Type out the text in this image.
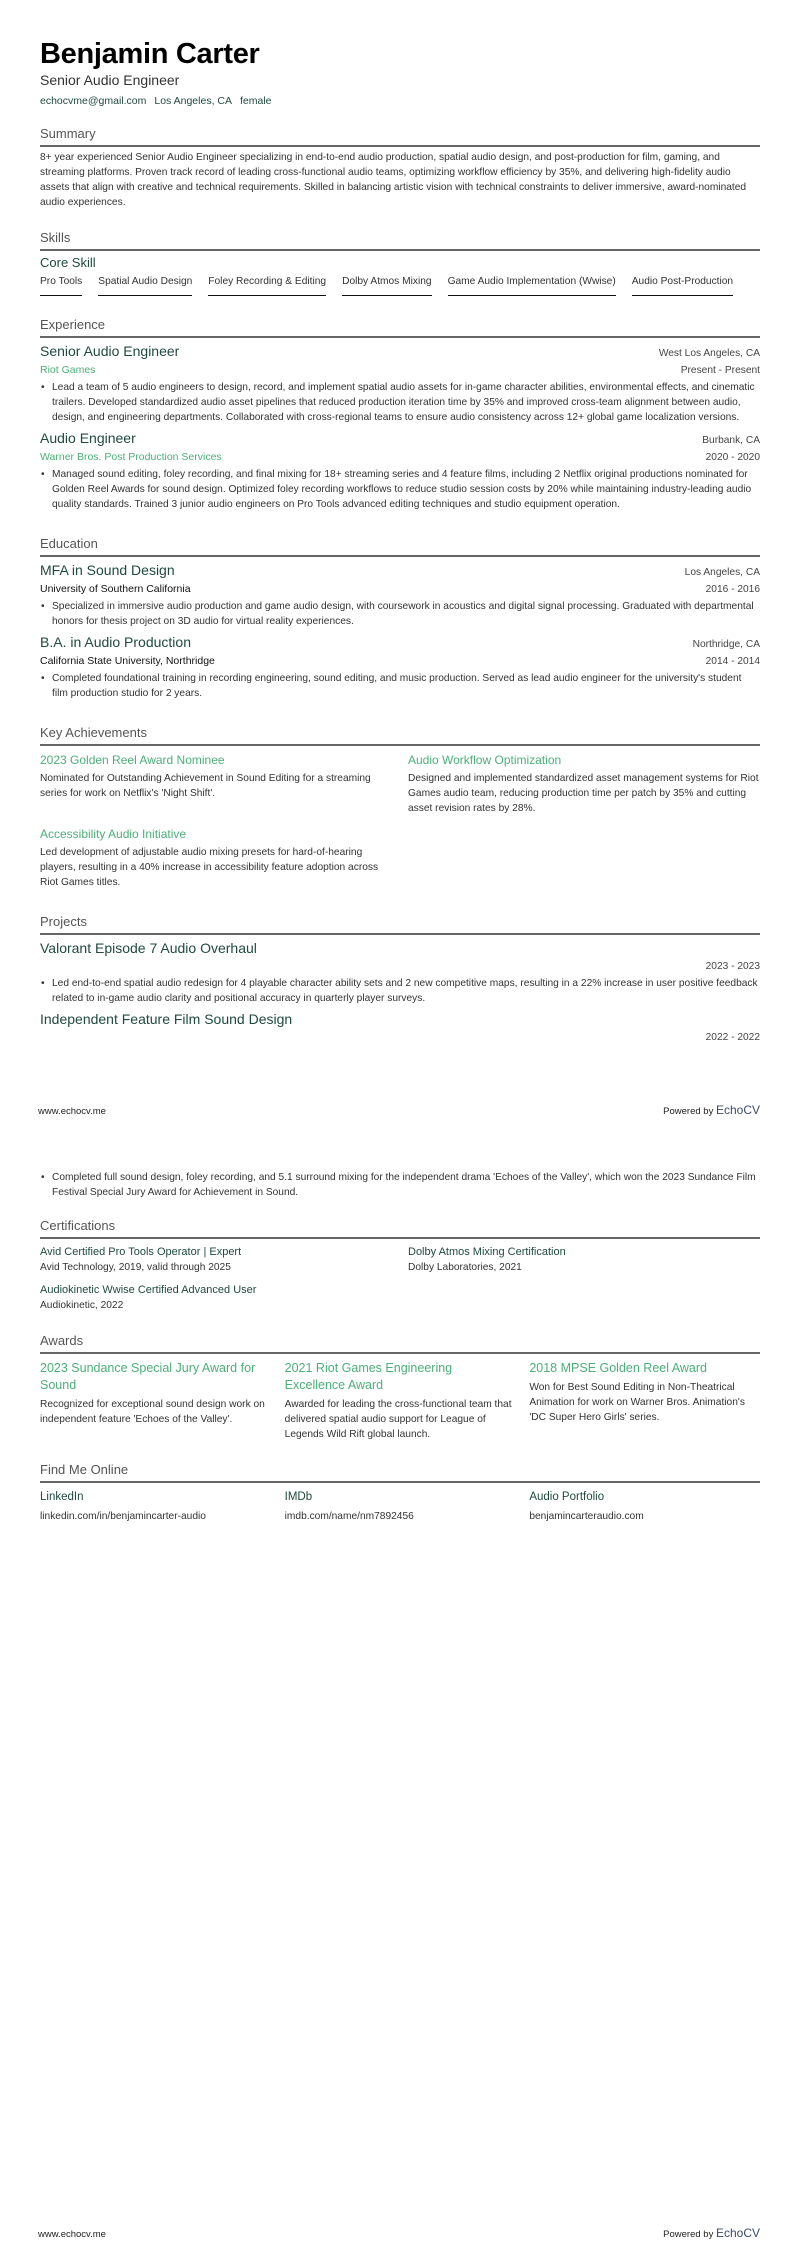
Benjamin Carter
Senior Audio Engineer
echocvme@gmail.com Los Angeles, CA female
Summary
8+ year experienced Senior Audio Engineer specializing in end-to-end audio production, spatial audio design, and post-production for film, gaming, and streaming platforms. Proven track record of leading cross-functional audio teams, optimizing workflow efficiency by 35%, and delivering high-fidelity audio assets that align with creative and technical requirements. Skilled in balancing artistic vision with technical constraints to deliver immersive, award-nominated audio experiences.
Skills
Core Skill
Pro Tools Spatial Audio Design Foley Recording & Editing Dolby Atmos Mixing Game Audio Implementation (Wwise) Audio Post-Production
Experience
Senior Audio Engineer	West Los Angeles, CA
Riot Games	Present - Present
• Lead a team of 5 audio engineers to design, record, and implement spatial audio assets for in-game character abilities, environmental effects, and cinematic trailers. Developed standardized audio asset pipelines that reduced production iteration time by 35% and improved cross-team alignment between audio, design, and engineering departments. Collaborated with cross-regional teams to ensure audio consistency across 12+ global game localization versions.
Audio Engineer	Burbank, CA
Warner Bros. Post Production Services	2020 - 2020
• Managed sound editing, foley recording, and final mixing for 18+ streaming series and 4 feature films, including 2 Netflix original productions nominated for Golden Reel Awards for sound design. Optimized foley recording workflows to reduce studio session costs by 20% while maintaining industry-leading audio quality standards. Trained 3 junior audio engineers on Pro Tools advanced editing techniques and studio equipment operation.
Education
MFA in Sound Design	Los Angeles, CA
University of Southern California	2016 - 2016
• Specialized in immersive audio production and game audio design, with coursework in acoustics and digital signal processing. Graduated with departmental honors for thesis project on 3D audio for virtual reality experiences.
B.A. in Audio Production	Northridge, CA
California State University, Northridge	2014 - 2014
• Completed foundational training in recording engineering, sound editing, and music production. Served as lead audio engineer for the university's student film production studio for 2 years.
Key Achievements
2023 Golden Reel Award Nominee
Nominated for Outstanding Achievement in Sound Editing for a streaming series for work on Netflix's 'Night Shift'.
Audio Workflow Optimization
Designed and implemented standardized asset management systems for Riot Games audio team, reducing production time per patch by 35% and cutting asset revision rates by 28%.
Accessibility Audio Initiative
Led development of adjustable audio mixing presets for hard-of-hearing players, resulting in a 40% increase in accessibility feature adoption across Riot Games titles.
Projects
Valorant Episode 7 Audio Overhaul
2023 - 2023
• Led end-to-end spatial audio redesign for 4 playable character ability sets and 2 new competitive maps, resulting in a 22% increase in user positive feedback related to in-game audio clarity and positional accuracy in quarterly player surveys.
Independent Feature Film Sound Design
2022 - 2022
www.echocv.me	Powered by EchoCV
• Completed full sound design, foley recording, and 5.1 surround mixing for the independent drama 'Echoes of the Valley', which won the 2023 Sundance Film Festival Special Jury Award for Achievement in Sound.
Certifications
Avid Certified Pro Tools Operator | Expert
Avid Technology, 2019, valid through 2025
Dolby Atmos Mixing Certification
Dolby Laboratories, 2021
Audiokinetic Wwise Certified Advanced User
Audiokinetic, 2022
Awards
2023 Sundance Special Jury Award for Sound
Recognized for exceptional sound design work on independent feature 'Echoes of the Valley'.
2021 Riot Games Engineering Excellence Award
Awarded for leading the cross-functional team that delivered spatial audio support for League of Legends Wild Rift global launch.
2018 MPSE Golden Reel Award
Won for Best Sound Editing in Non-Theatrical Animation for work on Warner Bros. Animation's 'DC Super Hero Girls' series.
Find Me Online
LinkedIn
linkedin.com/in/benjamincarter-audio
IMDb
imdb.com/name/nm7892456
Audio Portfolio
benjamincarteraudio.com
www.echocv.me	Powered by EchoCV
